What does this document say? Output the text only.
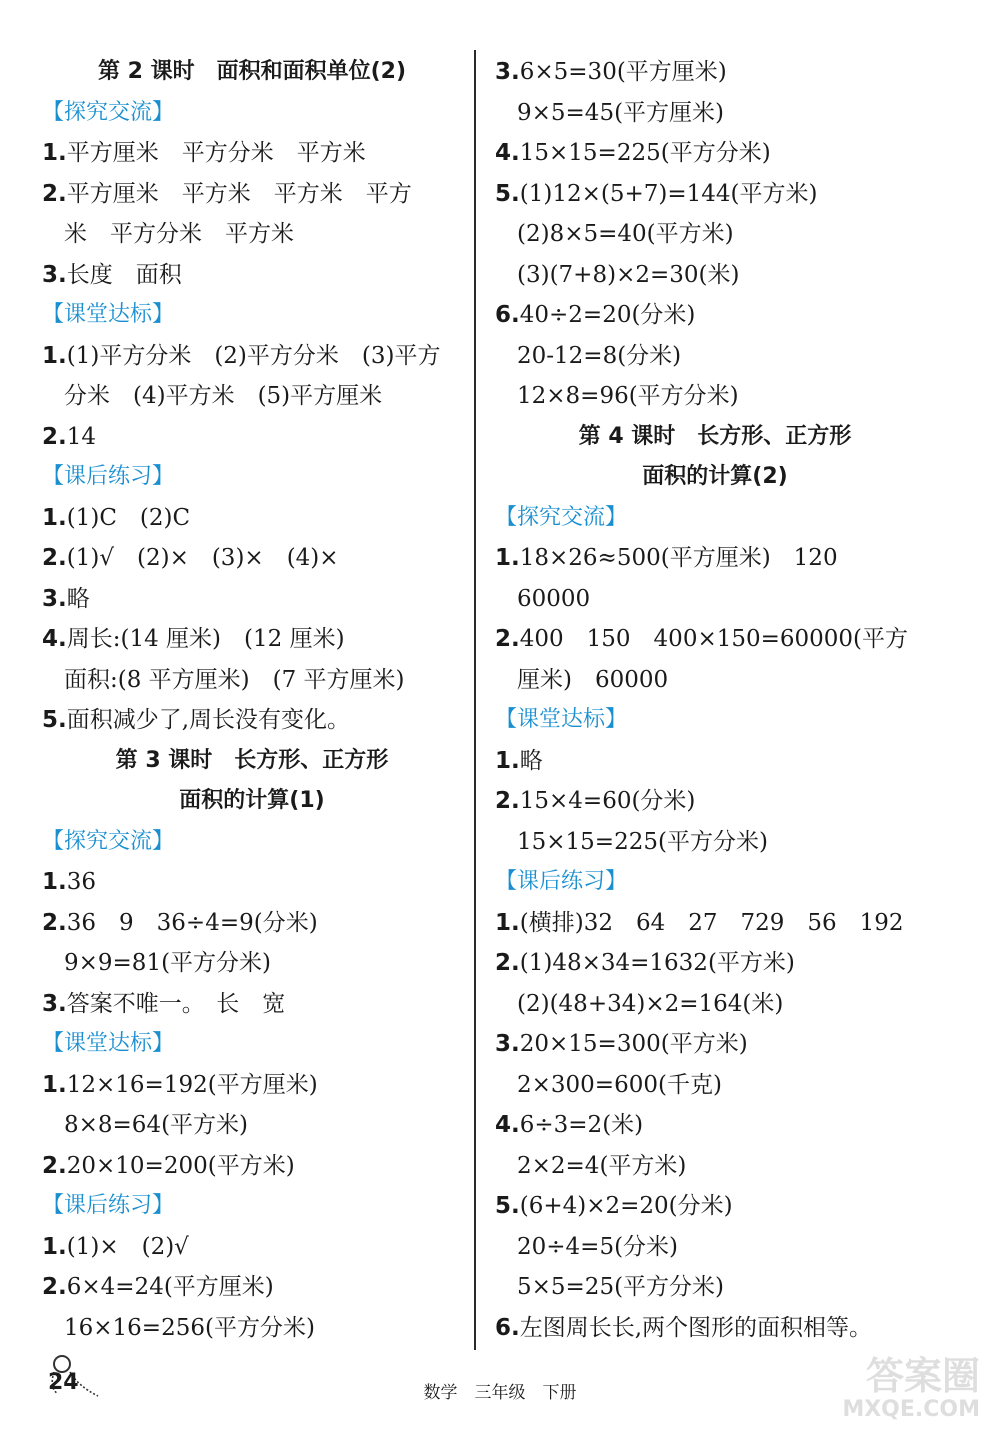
第 2 课时　面积和面积单位(2)
【探究交流】
1.平方厘米　平方分米　平方米
2.平方厘米　平方米　平方米　平方
米　平方分米　平方米
3.长度　面积
【课堂达标】
1.(1)平方分米　(2)平方分米　(3)平方
分米　(4)平方米　(5)平方厘米
2.14
【课后练习】
1.(1)C　(2)C
2.(1)√　(2)×　(3)×　(4)×
3.略
4.周长:(14 厘米)　(12 厘米)
面积:(8 平方厘米)　(7 平方厘米)
5.面积减少了,周长没有变化。
第 3 课时　长方形、正方形
面积的计算(1)
【探究交流】
1.36
2.36　9　36÷4=9(分米)
9×9=81(平方分米)
3.答案不唯一。　长　宽
【课堂达标】
1.12×16=192(平方厘米)
8×8=64(平方米)
2.20×10=200(平方米)
【课后练习】
1.(1)×　(2)√
2.6×4=24(平方厘米)
16×16=256(平方分米)
3.6×5=30(平方厘米)
9×5=45(平方厘米)
4.15×15=225(平方分米)
5.(1)12×(5+7)=144(平方米)
(2)8×5=40(平方米)
(3)(7+8)×2=30(米)
6.40÷2=20(分米)
20-12=8(分米)
12×8=96(平方分米)
第 4 课时　长方形、正方形
面积的计算(2)
【探究交流】
1.18×26≈500(平方厘米)　120
60000
2.400　150　400×150=60000(平方
厘米)　60000
【课堂达标】
1.略
2.15×4=60(分米)
15×15=225(平方分米)
【课后练习】
1.(横排)32　64　27　729　56　192
2.(1)48×34=1632(平方米)
(2)(48+34)×2=164(米)
3.20×15=300(平方米)
2×300=600(千克)
4.6÷3=2(米)
2×2=4(平方米)
5.(6+4)×2=20(分米)
20÷4=5(分米)
5×5=25(平方分米)
6.左图周长长,两个图形的面积相等。
24	数学　三年级　下册	答案圈
MXQE.COM
